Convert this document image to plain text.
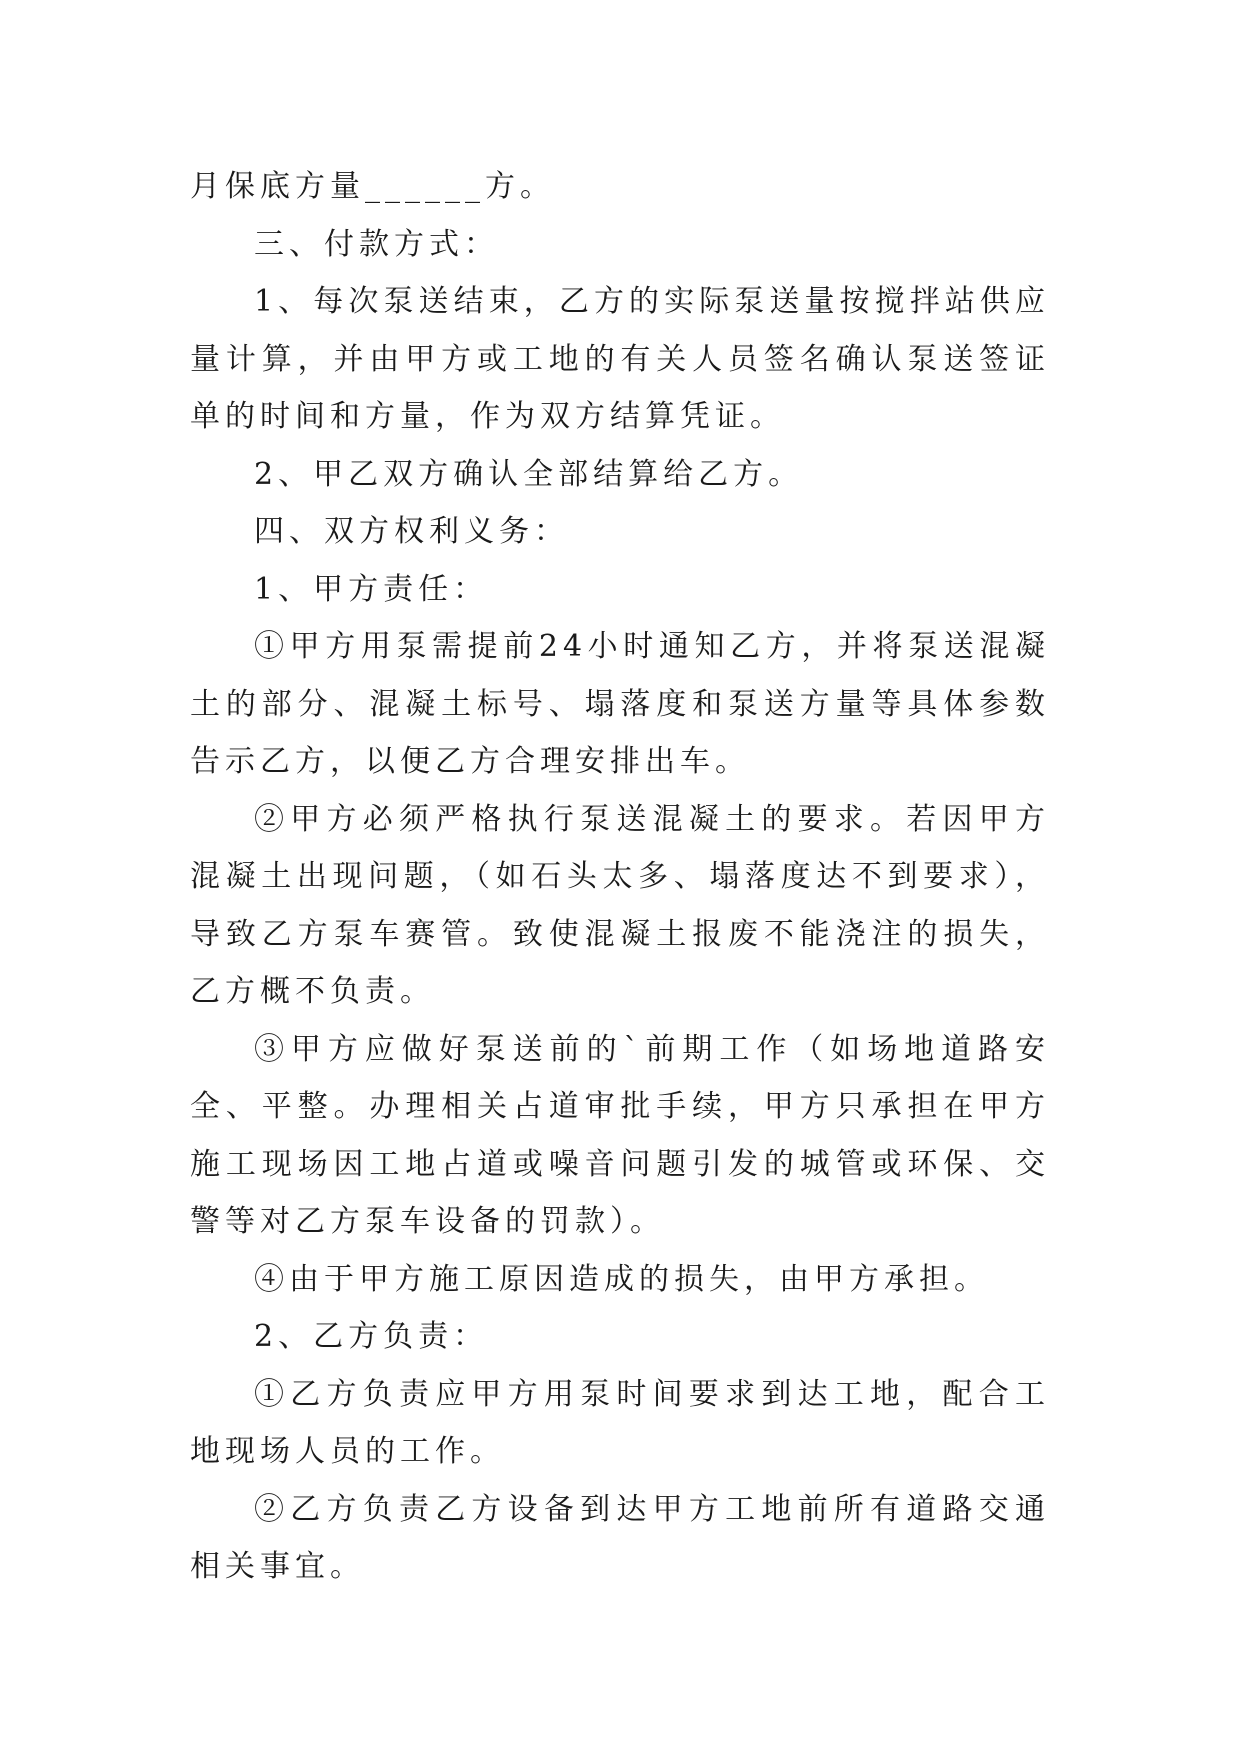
月保底方量______方。

三、付款方式：

1、每次泵送结束，乙方的实际泵送量按搅拌站供应量计算，并由甲方或工地的有关人员签名确认泵送签证单的时间和方量，作为双方结算凭证。

2、甲乙双方确认全部结算给乙方。

四、双方权利义务：

1、甲方责任：

①甲方用泵需提前24小时通知乙方，并将泵送混凝土的部分、混凝土标号、塌落度和泵送方量等具体参数告示乙方，以便乙方合理安排出车。

②甲方必须严格执行泵送混凝土的要求。若因甲方混凝土出现问题，（如石头太多、塌落度达不到要求），导致乙方泵车赛管。致使混凝土报废不能浇注的损失，乙方概不负责。

③甲方应做好泵送前的`前期工作（如场地道路安全、平整。办理相关占道审批手续，甲方只承担在甲方施工现场因工地占道或噪音问题引发的城管或环保、交警等对乙方泵车设备的罚款）。

④由于甲方施工原因造成的损失，由甲方承担。

2、乙方负责：

①乙方负责应甲方用泵时间要求到达工地，配合工地现场人员的工作。

②乙方负责乙方设备到达甲方工地前所有道路交通相关事宜。
